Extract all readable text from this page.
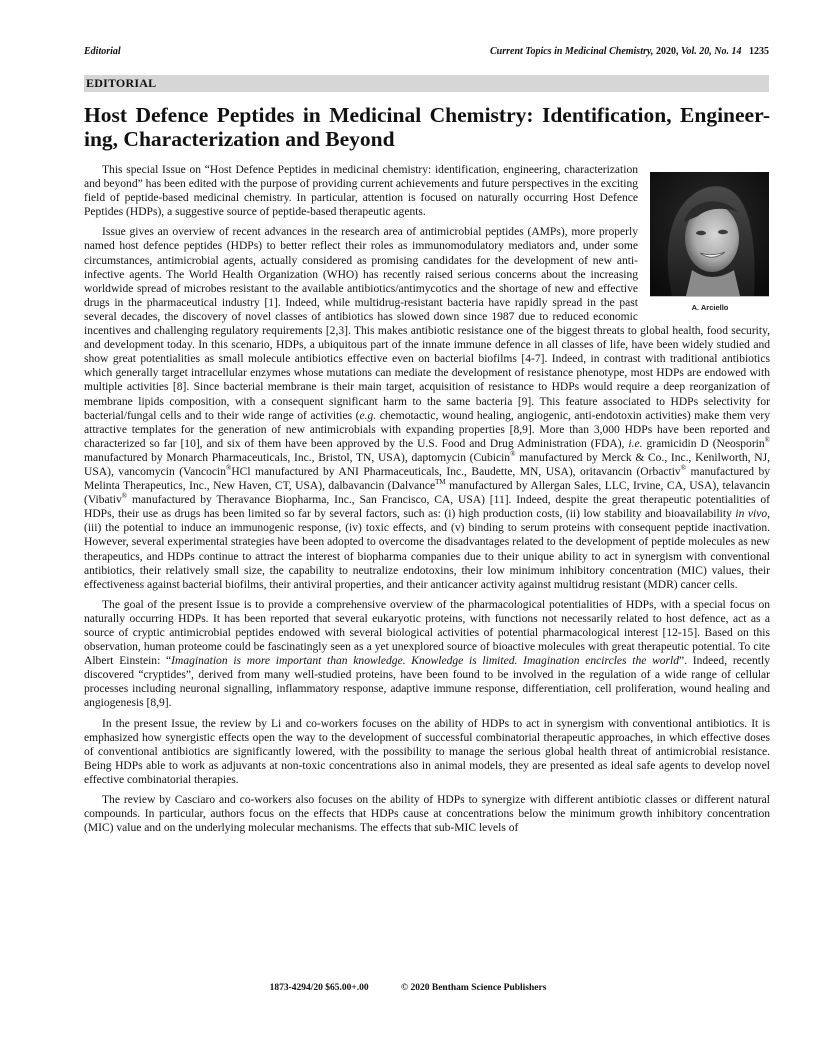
Editorial	Current Topics in Medicinal Chemistry, 2020, Vol. 20, No. 14 1235
EDITORIAL
Host Defence Peptides in Medicinal Chemistry: Identification, Engineer-ing, Characterization and Beyond
A. Arciello

This special Issue on “Host Defence Peptides in medicinal chemistry: identification, engineering, characterization and beyond” has been edited with the purpose of providing current achievements and future perspectives in the exciting field of peptide-based medicinal chemistry. In particular, attention is focused on naturally occurring Host Defence Peptides (HDPs), a suggestive source of peptide-based therapeutic agents.

Issue gives an overview of recent advances in the research area of antimicrobial peptides (AMPs), more properly named host defence peptides (HDPs) to better reflect their roles as immunomodulatory mediators and, under some circumstances, antimicrobial agents, actually considered as promising candidates for the development of new anti-infective agents. The World Health Organization (WHO) has recently raised serious concerns about the increasing worldwide spread of microbes resistant to the available antibiotics/antimycotics and the shortage of new and effective drugs in the pharmaceutical industry [1]. Indeed, while multidrug-resistant bacteria have rapidly spread in the past several decades, the discovery of novel classes of antibiotics has slowed down since 1987 due to reduced economic incentives and challenging regulatory requirements [2,3]. This makes antibiotic resistance one of the biggest threats to global health, food security, and development today. In this scenario, HDPs, a ubiquitous part of the innate immune defence in all classes of life, have been widely studied and show great potentialities as small molecule antibiotics effective even on bacterial biofilms [4-7]. Indeed, in contrast with traditional antibiotics which generally target intracellular enzymes whose mutations can mediate the development of resistance phenotype, most HDPs are endowed with multiple activities [8]. Since bacterial membrane is their main target, acquisition of resistance to HDPs would require a deep reorganization of membrane lipids composition, with a consequent significant harm to the same bacteria [9]. This feature associated to HDPs selectivity for bacterial/fungal cells and to their wide range of activities (e.g. chemotactic, wound healing, angiogenic, anti-endotoxin activities) make them very attractive templates for the generation of new antimicrobials with expanding properties [8,9]. More than 3,000 HDPs have been reported and characterized so far [10], and six of them have been approved by the U.S. Food and Drug Administration (FDA), i.e. gramicidin D (Neosporin® manufactured by Monarch Pharmaceuticals, Inc., Bristol, TN, USA), daptomycin (Cubicin® manufactured by Merck & Co., Inc., Kenilworth, NJ, USA), vancomycin (Vancocin®HCl manufactured by ANI Pharmaceuticals, Inc., Baudette, MN, USA), oritavancin (Orbactiv® manufactured by Melinta Therapeutics, Inc., New Haven, CT, USA), dalbavancin (Dalvance™ manufactured by Allergan Sales, LLC, Irvine, CA, USA), telavancin (Vibativ® manufactured by Theravance Biopharma, Inc., San Francisco, CA, USA) [11]. Indeed, despite the great therapeutic potentialities of HDPs, their use as drugs has been limited so far by several factors, such as: (i) high production costs, (ii) low stability and bioavailability in vivo, (iii) the potential to induce an immunogenic response, (iv) toxic effects, and (v) binding to serum proteins with consequent peptide inactivation. However, several experimental strategies have been adopted to overcome the disadvantages related to the development of peptide molecules as new therapeutics, and HDPs continue to attract the interest of biopharma companies due to their unique ability to act in synergism with conventional antibiotics, their relatively small size, the capability to neutralize endotoxins, their low minimum inhibitory concentration (MIC) values, their effectiveness against bacterial biofilms, their antiviral properties, and their anticancer activity against multidrug resistant (MDR) cancer cells.

The goal of the present Issue is to provide a comprehensive overview of the pharmacological potentialities of HDPs, with a special focus on naturally occurring HDPs. It has been reported that several eukaryotic proteins, with functions not necessarily related to host defence, act as a source of cryptic antimicrobial peptides endowed with several biological activities of potential pharmacological interest [12-15]. Based on this observation, human proteome could be fascinatingly seen as a yet unexplored source of bioactive molecules with great therapeutic potential. To cite Albert Einstein: “Imagination is more important than knowledge. Knowledge is limited. Imagination encircles the world”. Indeed, recently discovered “cryptides”, derived from many well-studied proteins, have been found to be involved in the regulation of a wide range of cellular processes including neuronal signalling, inflammatory response, adaptive immune response, differentiation, cell proliferation, wound healing and angiogenesis [8,9].

In the present Issue, the review by Li and co-workers focuses on the ability of HDPs to act in synergism with conventional antibiotics. It is emphasized how synergistic effects open the way to the development of successful combinatorial therapeutic approaches, in which effective doses of conventional antibiotics are significantly lowered, with the possibility to manage the serious global health threat of antimicrobial resistance. Being HDPs able to work as adjuvants at non-toxic concentrations also in animal models, they are presented as ideal safe agents to develop novel effective combinatorial therapies.

The review by Casciaro and co-workers also focuses on the ability of HDPs to synergize with different antibiotic classes or different natural compounds. In particular, authors focus on the effects that HDPs cause at concentrations below the minimum growth inhibitory concentration (MIC) value and on the underlying molecular mechanisms. The effects that sub-MIC levels of

1873-4294/20 $65.00+.00	© 2020 Bentham Science Publishers
